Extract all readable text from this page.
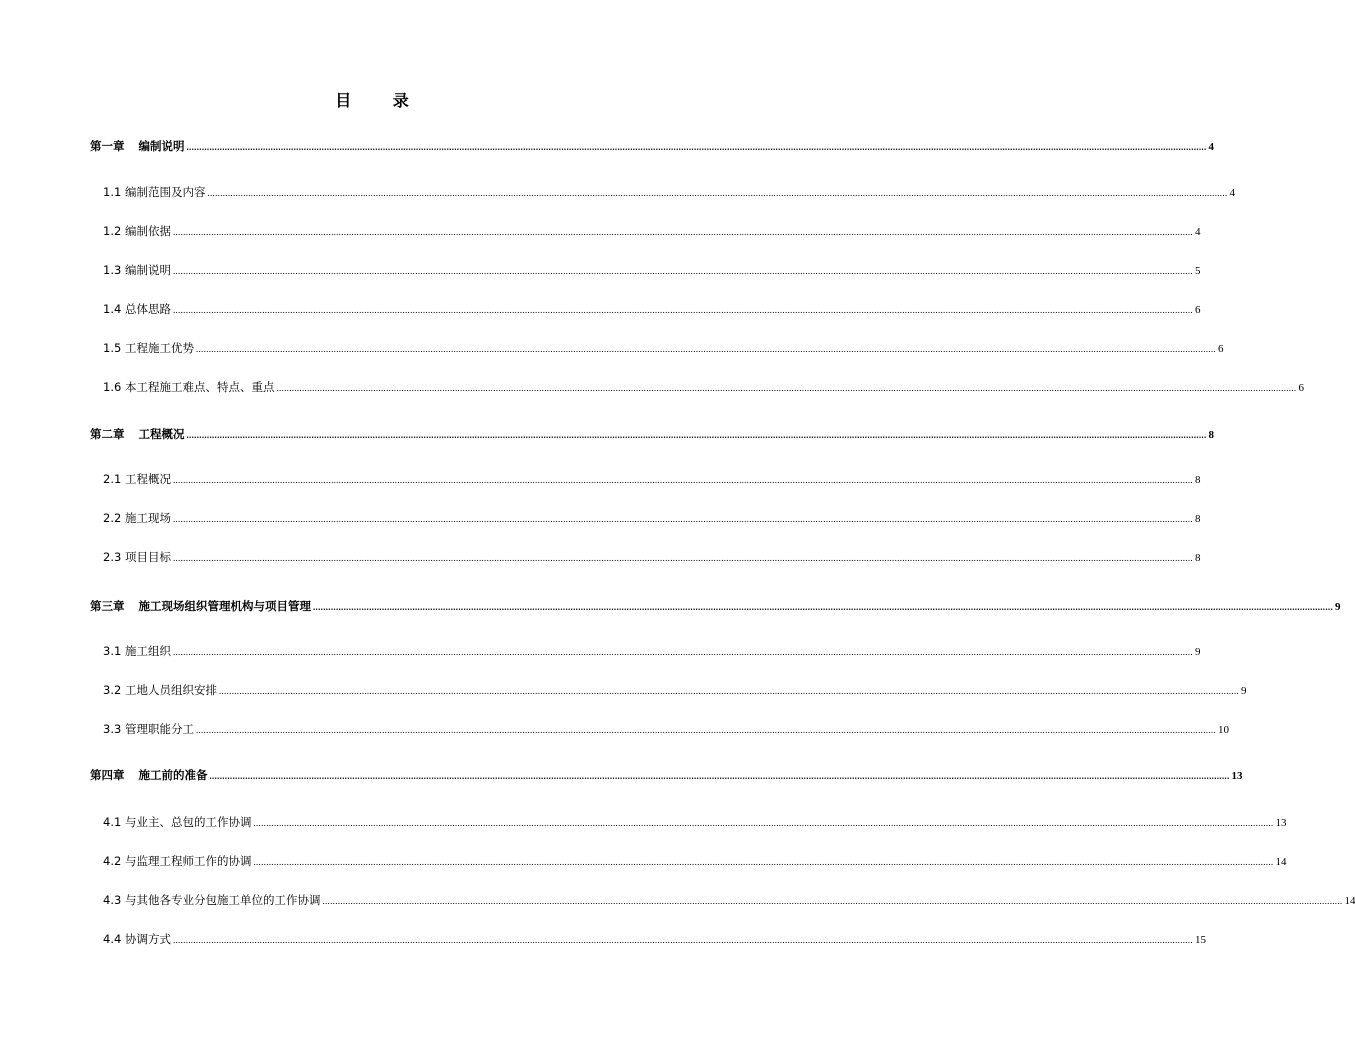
目 录
第一章 编制说明 ................................................................................................................................................................................................................................................................................................................................................................................................................ 4
1.1 编制范围及内容 ................................................................................................................................................................................................................................................................................................................................................................................................................ 4
1.2 编制依据 ................................................................................................................................................................................................................................................................................................................................................................................................................ 4
1.3 编制说明 ................................................................................................................................................................................................................................................................................................................................................................................................................ 5
1.4 总体思路 ................................................................................................................................................................................................................................................................................................................................................................................................................ 6
1.5 工程施工优势 ................................................................................................................................................................................................................................................................................................................................................................................................................ 6
1.6 本工程施工难点、特点、重点 ................................................................................................................................................................................................................................................................................................................................................................................................................ 6
第二章 工程概况 ................................................................................................................................................................................................................................................................................................................................................................................................................ 8
2.1 工程概况 ................................................................................................................................................................................................................................................................................................................................................................................................................ 8
2.2 施工现场 ................................................................................................................................................................................................................................................................................................................................................................................................................ 8
2.3 项目目标 ................................................................................................................................................................................................................................................................................................................................................................................................................ 8
第三章 施工现场组织管理机构与项目管理 ................................................................................................................................................................................................................................................................................................................................................................................................................ 9
3.1 施工组织 ................................................................................................................................................................................................................................................................................................................................................................................................................ 9
3.2 工地人员组织安排 ................................................................................................................................................................................................................................................................................................................................................................................................................ 9
3.3 管理职能分工 ................................................................................................................................................................................................................................................................................................................................................................................................................ 10
第四章 施工前的准备 ................................................................................................................................................................................................................................................................................................................................................................................................................ 13
4.1 与业主、总包的工作协调 ................................................................................................................................................................................................................................................................................................................................................................................................................ 13
4.2 与监理工程师工作的协调 ................................................................................................................................................................................................................................................................................................................................................................................................................ 14
4.3 与其他各专业分包施工单位的工作协调 ................................................................................................................................................................................................................................................................................................................................................................................................................ 14
4.4 协调方式 ................................................................................................................................................................................................................................................................................................................................................................................................................ 15
